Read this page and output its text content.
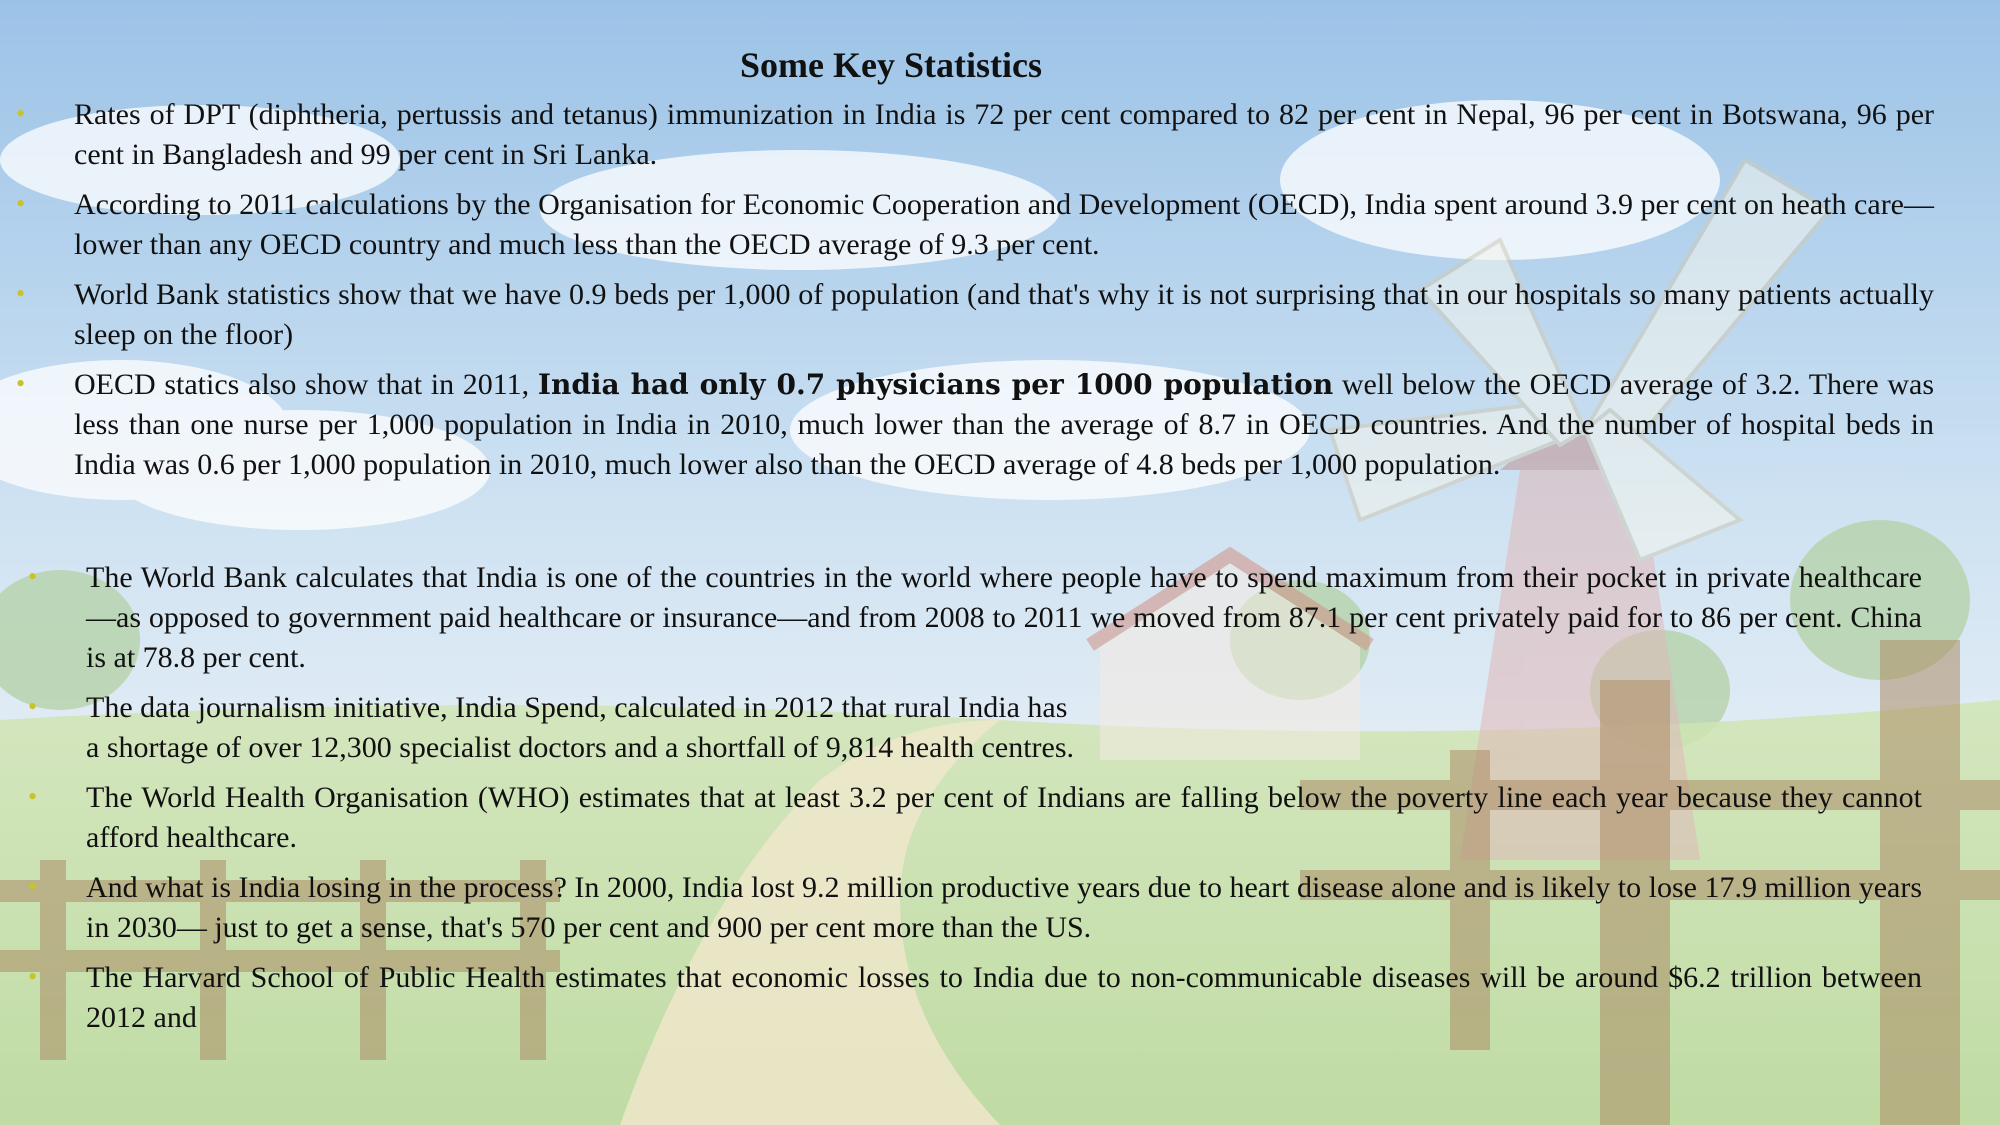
Some Key Statistics
• Rates of DPT (diphtheria, pertussis and tetanus) immunization in India is 72 per cent compared to 82 per cent in Nepal, 96 per cent in Botswana, 96 per cent in Bangladesh and 99 per cent in Sri Lanka.
• According to 2011 calculations by the Organisation for Economic Cooperation and Development (OECD), India spent around 3.9 per cent on heath care—lower than any OECD country and much less than the OECD average of 9.3 per cent.
• World Bank statistics show that we have 0.9 beds per 1,000 of population (and that's why it is not surprising that in our hospitals so many patients actually sleep on the floor)
• OECD statics also show that in 2011, India had only 0.7 physicians per 1000 population well below the OECD average of 3.2. There was less than one nurse per 1,000 population in India in 2010, much lower than the average of 8.7 in OECD countries. And the number of hospital beds in India was 0.6 per 1,000 population in 2010, much lower also than the OECD average of 4.8 beds per 1,000 population.
• The World Bank calculates that India is one of the countries in the world where people have to spend maximum from their pocket in private healthcare—as opposed to government paid healthcare or insurance—and from 2008 to 2011 we moved from 87.1 per cent privately paid for to 86 per cent. China is at 78.8 per cent.
• The data journalism initiative, India Spend, calculated in 2012 that rural India has
a shortage of over 12,300 specialist doctors and a shortfall of 9,814 health centres.
• The World Health Organisation (WHO) estimates that at least 3.2 per cent of Indians are falling below the poverty line each year because they cannot afford healthcare.
• And what is India losing in the process? In 2000, India lost 9.2 million productive years due to heart disease alone and is likely to lose 17.9 million years in 2030— just to get a sense, that's 570 per cent and 900 per cent more than the US.
• The Harvard School of Public Health estimates that economic losses to India due to non-communicable diseases will be around $6.2 trillion between 2012 and
